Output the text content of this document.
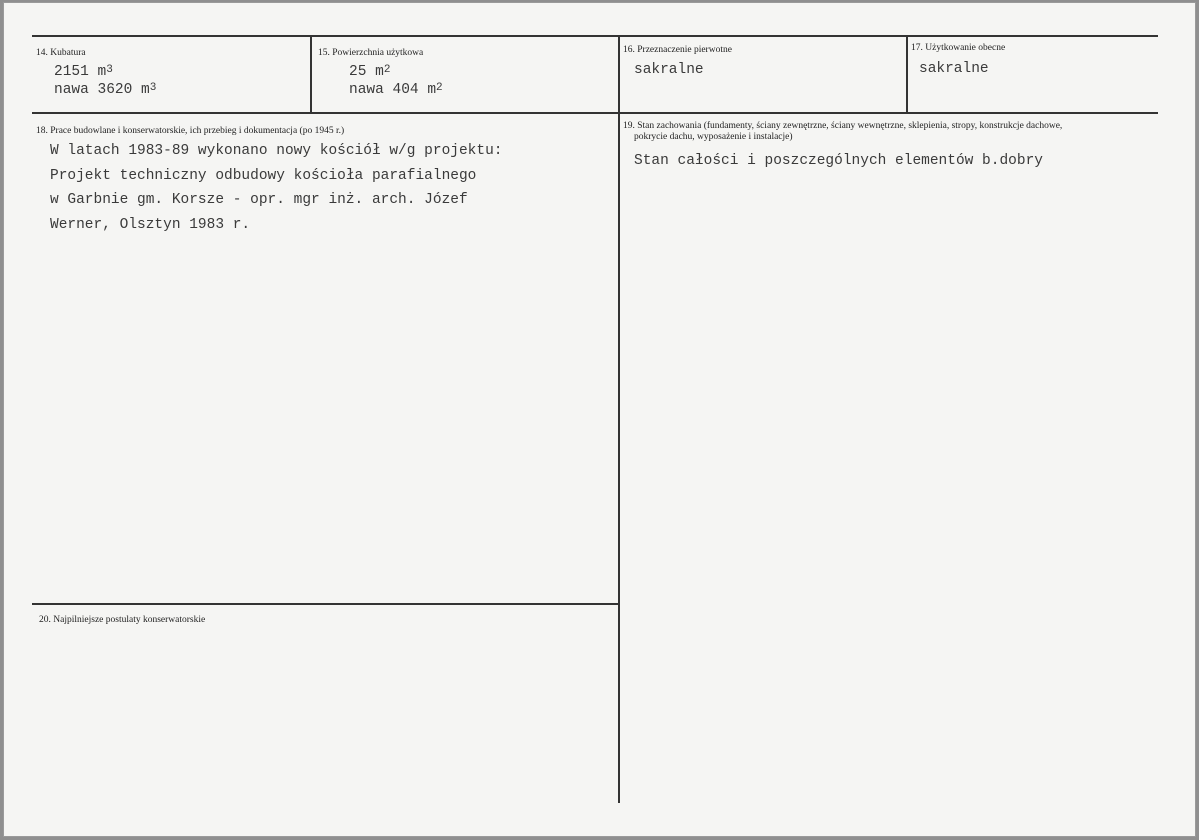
14. Kubatura
2151 $m^3$
nawa 3620 $m^3$
15. Powierzchnia użytkowa
25 $m^2$
nawa 404 $m^2$
16. Przeznaczenie pierwotne
sakralne
17. Użytkowanie obecne
sakralne
18. Prace budowlane i konserwatorskie, ich przebieg i dokumentacja (po 1945 r.)
W latach 1983-89 wykonano nowy kościół w/g projektu:
Projekt techniczny odbudowy kościoła parafialnego
w Garbnie gm. Korsze - opr. mgr inż. arch. Józef
Werner, Olsztyn 1983 r.
19. Stan zachowania (fundamenty, ściany zewnętrzne, ściany wewnętrzne, sklepienia, stropy, konstrukcje dachowe,
pokrycie dachu, wyposażenie i instalacje)
Stan całości i poszczególnych elementów b.dobry
20. Najpilniejsze postulaty konserwatorskie
